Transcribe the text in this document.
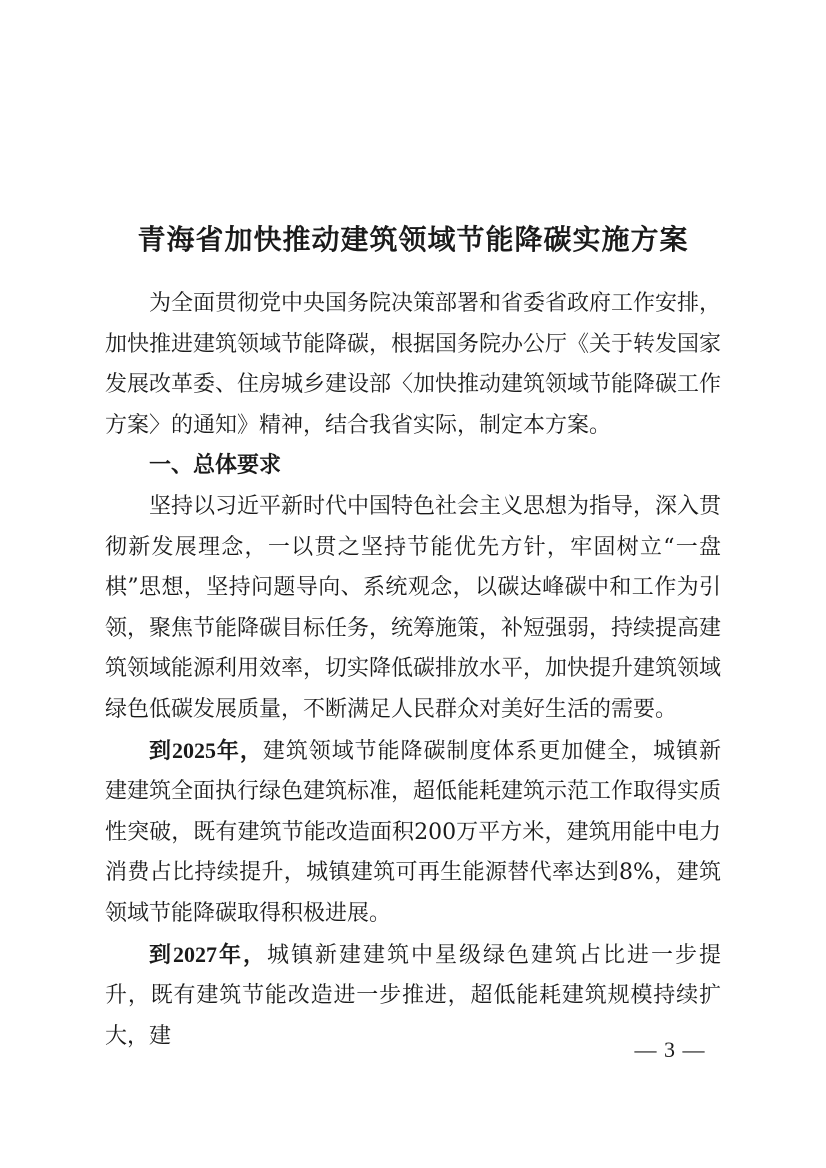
青海省加快推动建筑领域节能降碳实施方案

为全面贯彻党中央国务院决策部署和省委省政府工作安排，加快推进建筑领域节能降碳，根据国务院办公厅《关于转发国家发展改革委、住房城乡建设部〈加快推动建筑领域节能降碳工作方案〉的通知》精神，结合我省实际，制定本方案。

一、总体要求

坚持以习近平新时代中国特色社会主义思想为指导，深入贯彻新发展理念，一以贯之坚持节能优先方针，牢固树立“一盘棋”思想，坚持问题导向、系统观念，以碳达峰碳中和工作为引领，聚焦节能降碳目标任务，统筹施策，补短强弱，持续提高建筑领域能源利用效率，切实降低碳排放水平，加快提升建筑领域绿色低碳发展质量，不断满足人民群众对美好生活的需要。

到2025年，建筑领域节能降碳制度体系更加健全，城镇新建建筑全面执行绿色建筑标准，超低能耗建筑示范工作取得实质性突破，既有建筑节能改造面积200万平方米，建筑用能中电力消费占比持续提升，城镇建筑可再生能源替代率达到8%，建筑领域节能降碳取得积极进展。

到2027年，城镇新建建筑中星级绿色建筑占比进一步提升，既有建筑节能改造进一步推进，超低能耗建筑规模持续扩大，建

— 3 —
